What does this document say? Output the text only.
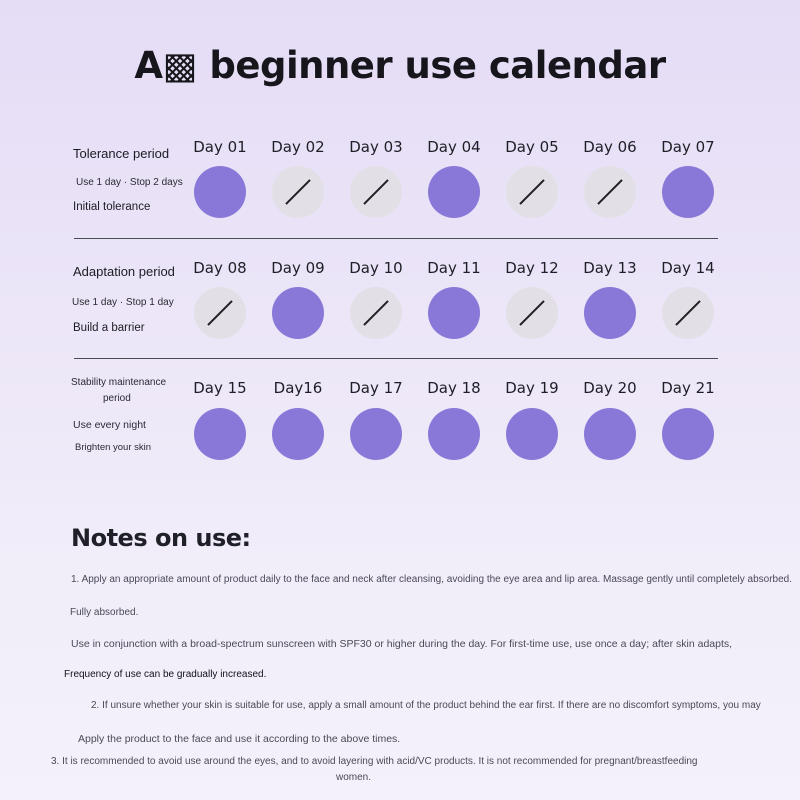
A▩ beginner use calendar
Tolerance period
Use 1 day · Stop 2 days
Initial tolerance
Day 01	Day 02	Day 03	Day 04	Day 05	Day 06	Day 07
Adaptation period
Use 1 day · Stop 1 day
Build a barrier
Day 08	Day 09	Day 10	Day 11	Day 12	Day 13	Day 14
Stability maintenance
period
Use every night
Brighten your skin
Day 15	Day16	Day 17	Day 18	Day 19	Day 20	Day 21
Notes on use:
1. Apply an appropriate amount of product daily to the face and neck after cleansing, avoiding the eye area and lip area. Massage gently until completely absorbed.
Fully absorbed.
Use in conjunction with a broad-spectrum sunscreen with SPF30 or higher during the day. For first-time use, use once a day; after skin adapts,
Frequency of use can be gradually increased.
2. If unsure whether your skin is suitable for use, apply a small amount of the product behind the ear first. If there are no discomfort symptoms, you may
Apply the product to the face and use it according to the above times.
3. It is recommended to avoid use around the eyes, and to avoid layering with acid/VC products. It is not recommended for pregnant/breastfeeding
women.
